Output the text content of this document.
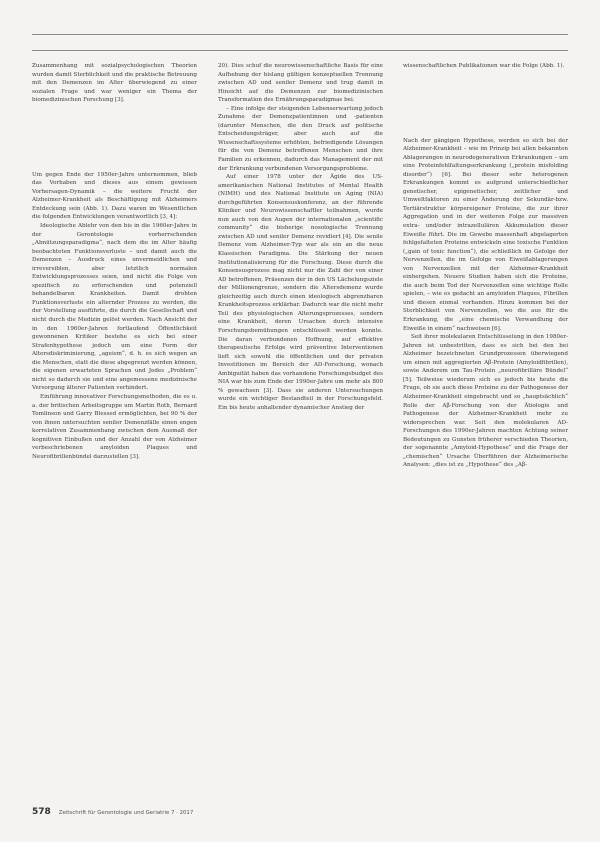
Zusammenhang mit sozialpsychologischen Theorien wurden damit Sterblichkeit und die praktische Betreuung mit den Demenzen im Alter überwiegend zu einer sozialen Frage und war weniger ein Thema der biomedizinischen Forschung [3].

Um gegen Ende der 1950er-Jahre unternommen, blieb das Vorhaben und dieses aus einem gewissen Vorhersagen-Dynamik – die weitere Frucht der Alzheimer-Krankheit als Beschäftigung mit Alzheimers Entdeckung sein (Abb. 1). Dazu waren im Wesentlichen die folgenden Entwicklungen verantwortlich [3, 4]:

Ideologische Ablehr von den bis in die 1960er-Jahre in der Gerontologie vorherrschenden „Abnützungsparadigma“, nach dem die im Alter häufig beobachteten Funktionsverluste – und damit auch die Demenzen – Ausdruck eines unvermeidlichen und irreversiblen, aber letztlich normalen Entwicklungsprozesses seien, und nicht die Folge von spezifisch zu erforschenden und potenziell behandelbaren Krankheiten. Damit drohten Funktionsverluste ein alternder Prozess zu werden, die der Vorstellung ausführte, die durch die Gesellschaft und nicht durch die Medizin gelöst werden. Nach Ansicht der in den 1960er-Jahren fortlaufend Öffentlichkeit gewonnenen Kritiker bestehe es sich bei einer Strafenhypothese jedoch um eine Form der Altersdiskriminierung, „ageism“, d. h. es sich wegen an die Menschen, statt die diese abgegrenzt werden können, die eigenen erwarteten Sprachen und Jedes „Problem“ nicht so dadurch sie und eine angemessene medizinische Versorgung älterer Patienten verhindert.

Einführung innovativer Forschungsmethoden, die es u. a. der britischen Arbeitsgruppe um Martin Roth, Bernard Tomlinson und Garry Blessed ermöglichten, bei 90 % der von ihnen untersuchten seniler Demenzfälle einen engen korrelativen Zusammenhang zwischen dem Ausmaß der kognitiven Einbußen und der Anzahl der von Alzheimer verbeschriebenen amyloiden Plaques und Neurofibrillenbündel darzustellen [3].

20). Dies schuf die neurowissenschaftliche Basis für eine Aufhebung der bislang gültigen konzeptuellen Trennung zwischen AD und seniler Demenz und trug damit in Hinsicht auf die Demenzen zur biomedizinischen Transformation des Ernährungsparadigmas bei.

– Eine infolge der steigenden Lebenserwartung jedoch Zunahme der Demenzpatientinnen und -patienten (darunter Menschen, die den Druck auf politische Entscheidungsträger, aber auch auf die Wissenschaftssysteme erhöhten, befriedigende Lösungen für die von Demenz betroffenen Menschen und ihre Familien zu erkennen, dadurch das Management der mit der Erkrankung verbundenen Versorgungsprobleme.

Auf einer 1978 unter der Ägide des US-amerikanischen National Institutes of Mental Health (NIMH) und des National Institute on Aging (NIA) durchgeführten Konsensuskonferenz, an der führende Kliniker und Neurowissenschaftler teilnahmen, wurde nun auch von den Augen der internationalen „scientific community“ die bisherige nosologische Trennung zwischen AD und seniler Demenz revidiert [4]. Die senile Demenz vom Alzheimer-Typ war als ein an die neue Klassischen Paradigma. Die Stärkung der neuen Institutionalisierung für die Forschung. Diese durch die Konsensusprozess mag nicht nur die Zahl der von einer AD betroffenen, Präsenzen der in den US Lächelungsziele der Millionengrenze, sondern die Altersdemenz wurde gleichzeitig auch durch einen ideologisch abgrenzbaren Krankheitsprozess erklärbar. Dadurch war die nicht mehr Teil des physiologischen Alterungsprozesses, sondern eine Krankheit, deren Ursachen durch intensive Forschungsbemühungen entschlüsselt werden konnte. Die daran verbundenen Hoffnung, auf effektive therapeutische Erfolge wird präventive Interventionen lieft sich sowohl die öffentlichen und der privaten Investitionen im Bereich der AD-Forschung, wonach Ambiguität haben das vorhandene Forschungsbudget des NIA war bis zum Ende der 1990er-Jahre um mehr als 800 % gewachsen [3]. Dass sie anderen Untersuchungen wurde ein wichtiger Bestandteil in der Forschungsfeld. Ein bis heute anhaltender dynamischer Anstieg der

wissenschaftlichen Publikationen war die Folge (Abb. 1).

Nach der gängigen Hypothese, werden so sich bei der Alzheimer-Krankheit – wie im Prinzip bei allen bekannten Ablagerungen in neurodegenerativen Erkrankungen – um eine Proteinfehlfaltungserkrankung („protein misfolding disorder“) [6]. Bei dieser sehr heterogenen Erkrankungen kommt es aufgrund unterschiedlicher genetischer, epigenetischer, zeitlicher und Umweltfaktoren zu einer Änderung der Sekundär-bzw. Tertiärstruktur körpereigener Proteine, die zur ihrer Aggregation und in der weiteren Folge zur massiven extra- und/oder intrazellulären Akkumulation dieser Eiweiße führt. Die im Gewebe massenhaft abgelagerten fehlgefalteten Proteine entwickeln eine toxische Funktion („gain of toxic function“), die schließlich im Gefolge der Nervenzellen, die im Gefolge von Eiweißablagerungen von Nervenzellen mit der Alzheimer-Krankheit einhergehen. Neuere Studien haben sich die Proteine, die auch beim Tod der Nervenzellen eine wichtige Rolle spielen, – wie es gedacht an amyloiden Plaques, Fibrillen und diesen einmal vorhanden. Hinzu kommen bei der Sterblichkeit von Nervenzellen, wo die aus für die Erkrankung, die „eine chemische Verwandlung der Eiweiße in einem“ nachweisen [6].

Seit ihrer molekularen Entschlüsselung in den 1980er-Jahren ist unbestritten, dass es sich bei den bei Alzheimer bezeichneten Grundprozessen überwiegend um einen mit aggregierten Aβ-Protein (Amyloidfibrillen), sowie Anderem um Tau-Protein „neurofibrilläre Bündel“ [5]. Teilweise wiederum sich es jedoch bis heute die Frage, ob sie auch diese Proteine zu der Pathogenese der Alzheimer-Krankheit eingebracht und so „hauptsächlich“ Rolle der Aβ-Forschung von der Ätiologie und Pathogenese der Alzheimer-Krankheit mehr zu widersprechen war. Seit den molekularen AD-Forschungen des 1990er-Jahren machten Achtung seiner Bedeutungen zu Gunsten früherer verschieden Theorien, der sogenannte „Amyloid-Hypothese“ und die Frage der „chemischen“ Ursache Überführen der Alzheimerische Analysen: „dies ist zu „Hypothese“ des „Aβ-

578 Zeitschrift für Gerontologie und Geriatrie 7 · 2017
